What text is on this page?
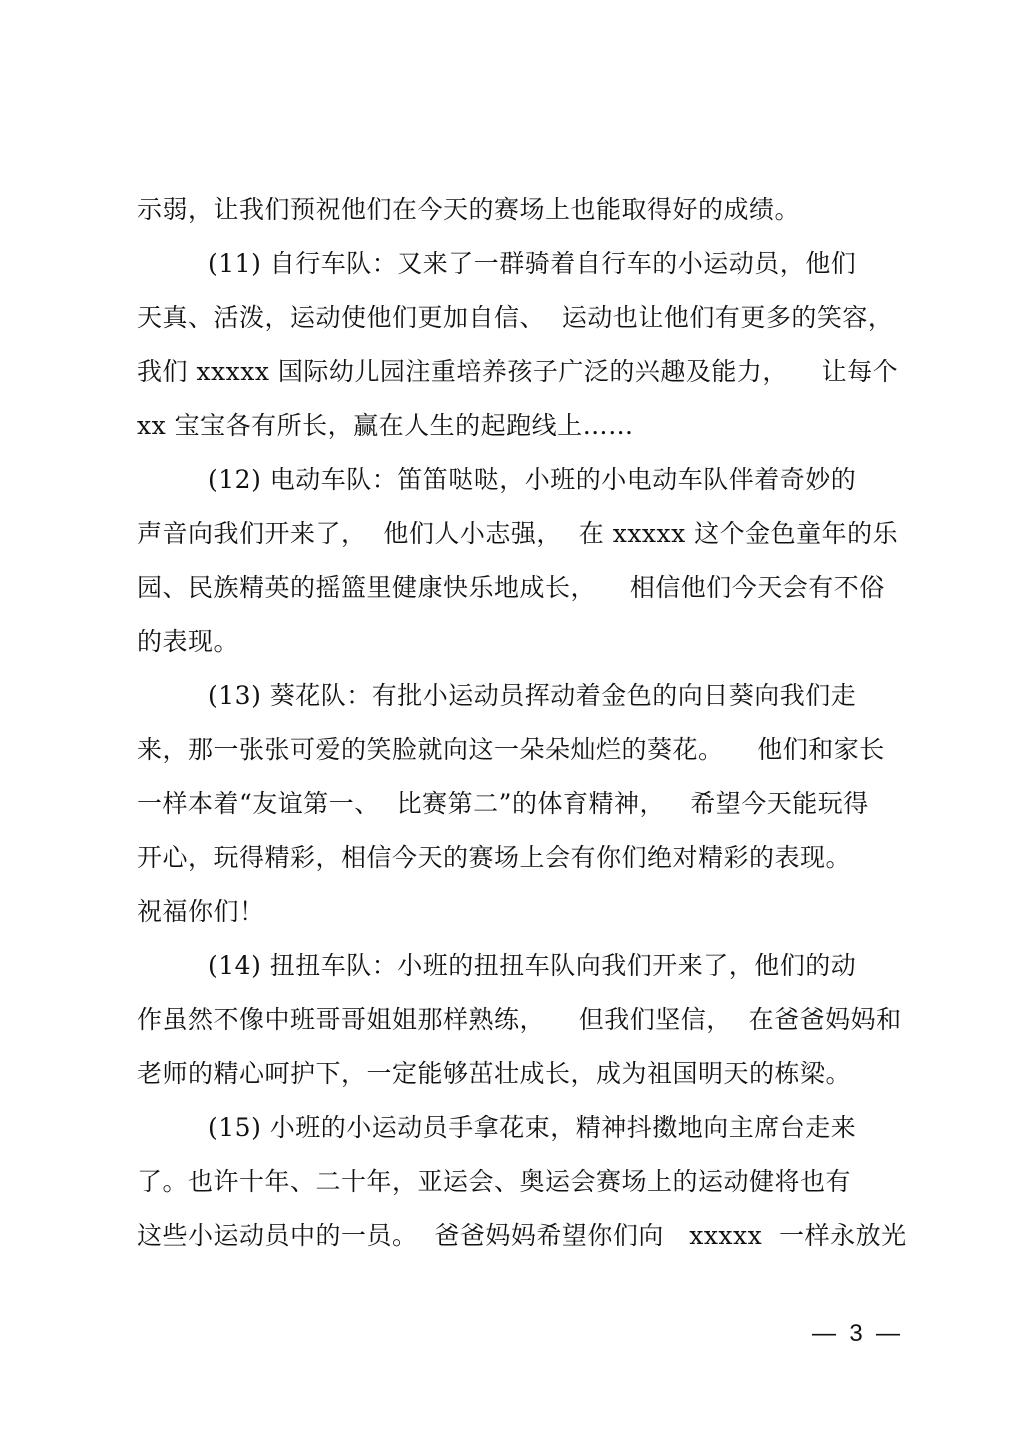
示弱，让我们预祝他们在今天的赛场上也能取得好的成绩。
(11) 自行车队：又来了一群骑着自行车的小运动员，他们
天真、活泼，运动使他们更加自信、  运动也让他们有更多的笑容，
我们 xxxxx 国际幼儿园注重培养孩子广泛的兴趣及能力，    让每个
xx 宝宝各有所长，赢在人生的起跑线上……
(12) 电动车队：笛笛哒哒，小班的小电动车队伴着奇妙的
声音向我们开来了，  他们人小志强，  在 xxxxx 这个金色童年的乐
园、民族精英的摇篮里健康快乐地成长，    相信他们今天会有不俗
的表现。
(13) 葵花队：有批小运动员挥动着金色的向日葵向我们走
来，那一张张可爱的笑脸就向这一朵朵灿烂的葵花。    他们和家长
一样本着“友谊第一、  比赛第二”的体育精神，   希望今天能玩得
开心，玩得精彩，相信今天的赛场上会有你们绝对精彩的表现。
祝福你们！
(14) 扭扭车队：小班的扭扭车队向我们开来了，他们的动
作虽然不像中班哥哥姐姐那样熟练，    但我们坚信，  在爸爸妈妈和
老师的精心呵护下，一定能够茁壮成长，成为祖国明天的栋梁。
(15) 小班的小运动员手拿花束，精神抖擞地向主席台走来
了。也许十年、二十年，亚运会、奥运会赛场上的运动健将也有
这些小运动员中的一员。  爸爸妈妈希望你们向   xxxxx  一样永放光
—  3  —
